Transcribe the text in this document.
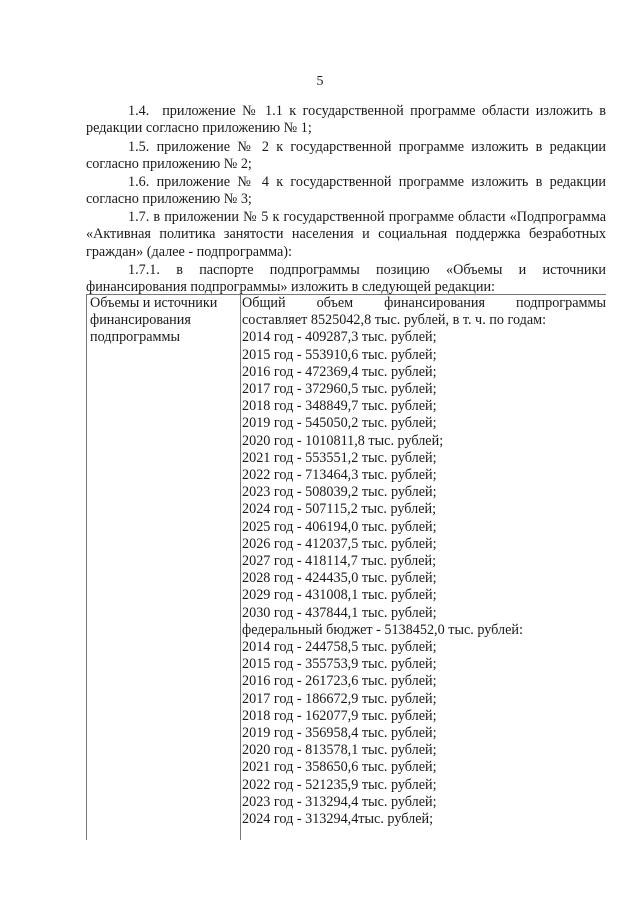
5

1.4. приложение № 1.1 к государственной программе области изложить в редакции согласно приложению № 1;

1.5. приложение № 2 к государственной программе изложить в редакции согласно приложению № 2;

1.6. приложение № 4 к государственной программе изложить в редакции согласно приложению № 3;

1.7. в приложении № 5 к государственной программе области «Подпрограмма «Активная политика занятости населения и социальная поддержка безработных граждан» (далее - подпрограмма):

1.7.1. в паспорте подпрограммы позицию «Объемы и источники финансирования подпрограммы» изложить в следующей редакции:

Объемы и источники
финансирования
подпрограммы
Общий объем финансирования подпрограммы
составляет 8525042,8 тыс. рублей, в т. ч. по годам:
2014 год - 409287,3 тыс. рублей;
2015 год - 553910,6 тыс. рублей;
2016 год - 472369,4 тыс. рублей;
2017 год - 372960,5 тыс. рублей;
2018 год - 348849,7 тыс. рублей;
2019 год - 545050,2 тыс. рублей;
2020 год - 1010811,8 тыс. рублей;
2021 год - 553551,2 тыс. рублей;
2022 год - 713464,3 тыс. рублей;
2023 год - 508039,2 тыс. рублей;
2024 год - 507115,2 тыс. рублей;
2025 год - 406194,0 тыс. рублей;
2026 год - 412037,5 тыс. рублей;
2027 год - 418114,7 тыс. рублей;
2028 год - 424435,0 тыс. рублей;
2029 год - 431008,1 тыс. рублей;
2030 год - 437844,1 тыс. рублей;
федеральный бюджет - 5138452,0 тыс. рублей:
2014 год - 244758,5 тыс. рублей;
2015 год - 355753,9 тыс. рублей;
2016 год - 261723,6 тыс. рублей;
2017 год - 186672,9 тыс. рублей;
2018 год - 162077,9 тыс. рублей;
2019 год - 356958,4 тыс. рублей;
2020 год - 813578,1 тыс. рублей;
2021 год - 358650,6 тыс. рублей;
2022 год - 521235,9 тыс. рублей;
2023 год - 313294,4 тыс. рублей;
2024 год - 313294,4тыс. рублей;
